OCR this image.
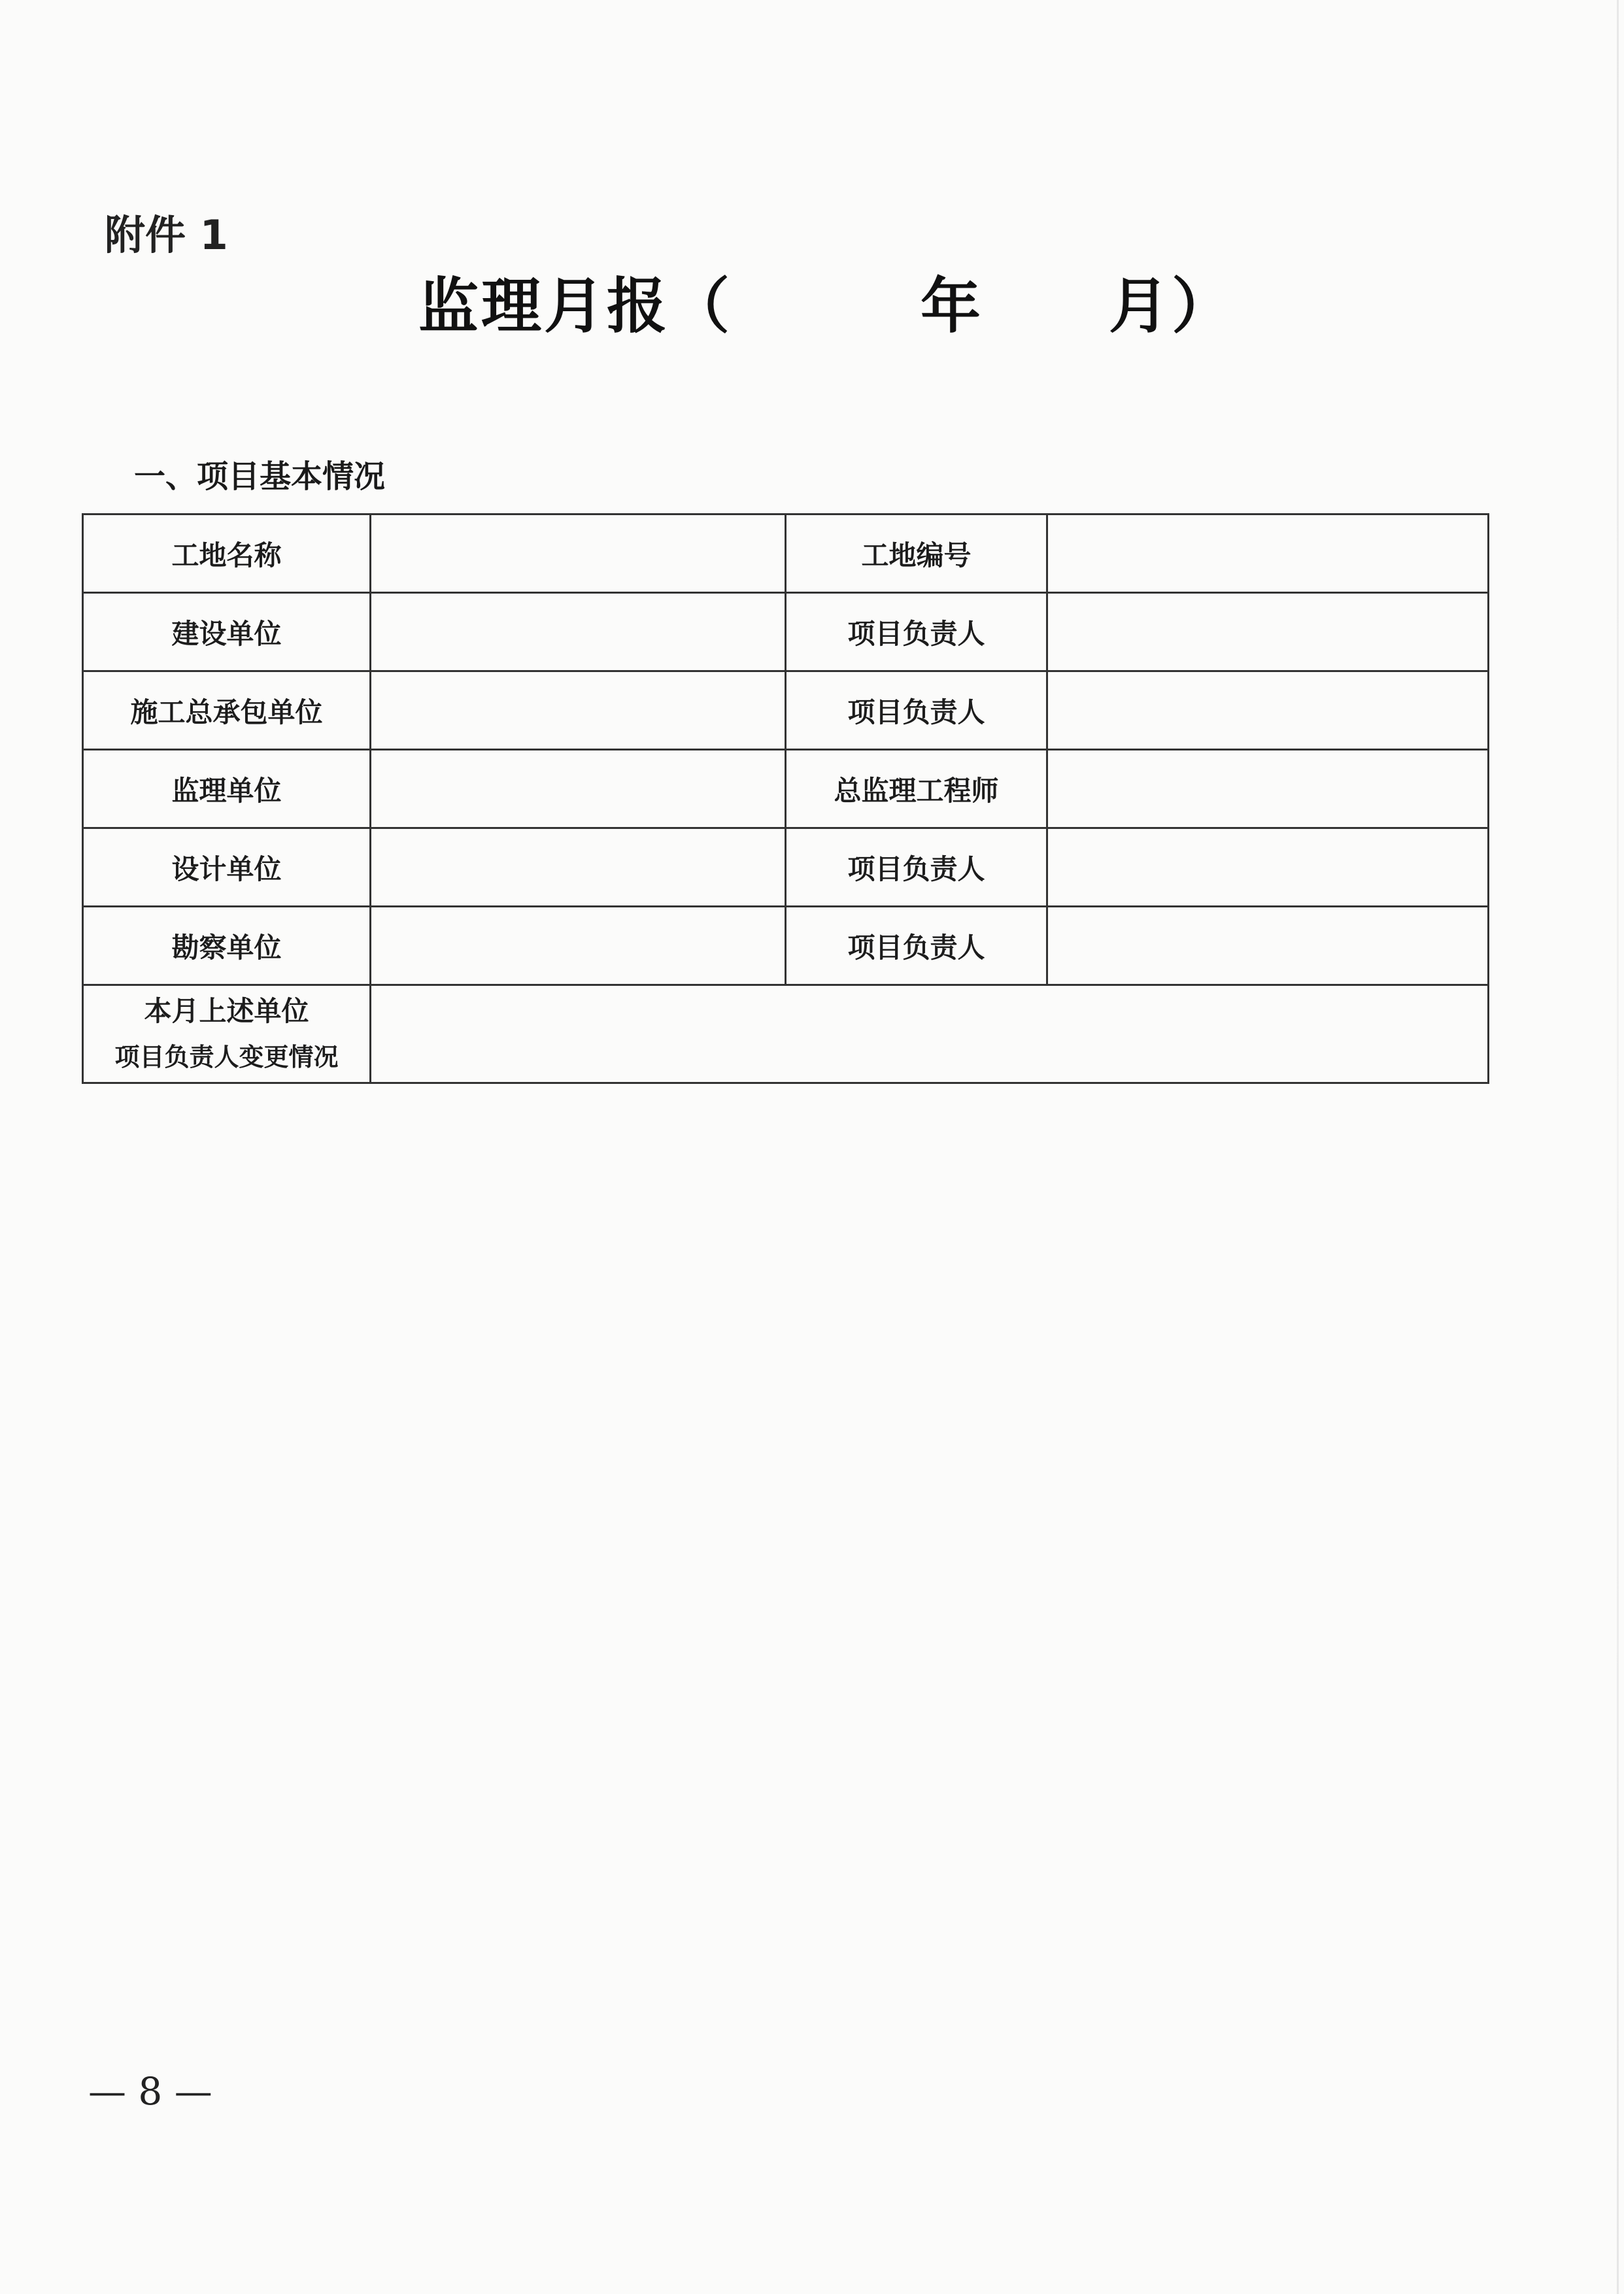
附件 1
监理月报（　　　年　　月）
一、项目基本情况
工地名称		工地编号	
建设单位		项目负责人	
施工总承包单位		项目负责人	
监理单位		总监理工程师	
设计单位		项目负责人	
勘察单位		项目负责人	

本月上述单位
项目负责人变更情况			

— 8 —
